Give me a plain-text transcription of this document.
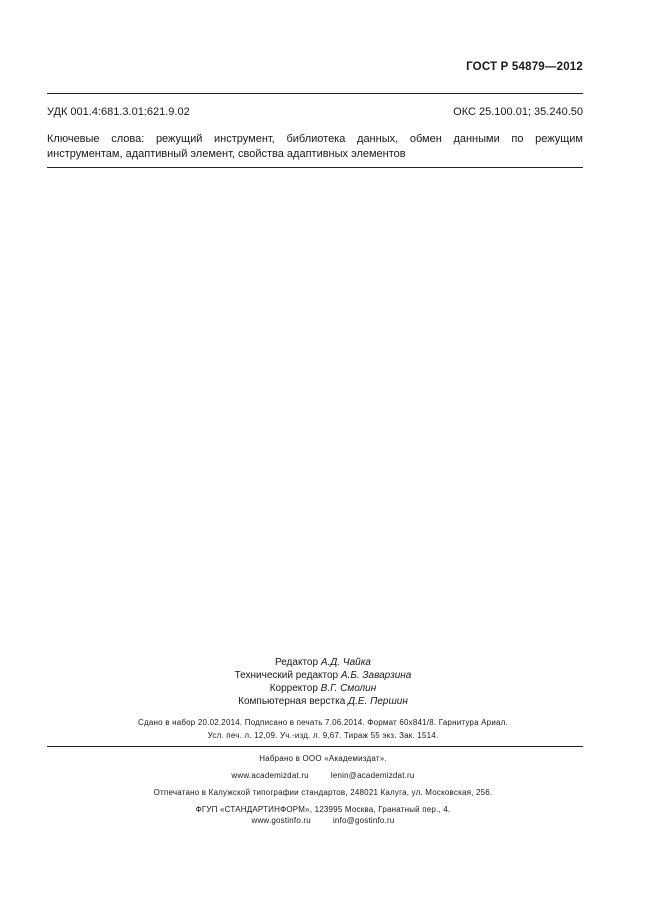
ГОСТ Р 54879—2012
УДК 001.4:681.3.01:621.9.02	ОКС 25.100.01; 35.240.50
Ключевые слова: режущий инструмент, библиотека данных, обмен данными по режущим инструментам, адаптивный элемент, свойства адаптивных элементов
Редактор А.Д. Чайка
Технический редактор А.Б. Заварзина
Корректор В.Г. Смолин
Компьютерная верстка Д.Е. Першин
Сдано в набор 20.02.2014. Подписано в печать 7.06.2014. Формат 60х841/8. Гарнитура Ариал.
Усл. печ. л. 12,09. Уч.-изд. л. 9,67. Тираж 55 экз. Зак. 1514.
Набрано в ООО «Академиздат».
www.academizdat.ru	lenin@academizdat.ru
Отпечатано в Калужской типографии стандартов, 248021 Калуга, ул. Московская, 256.
ФГУП «СТАНДАРТИНФОРМ», 123995 Москва, Гранатный пер., 4.
www.gostinfo.ru	info@gostinfo.ru
